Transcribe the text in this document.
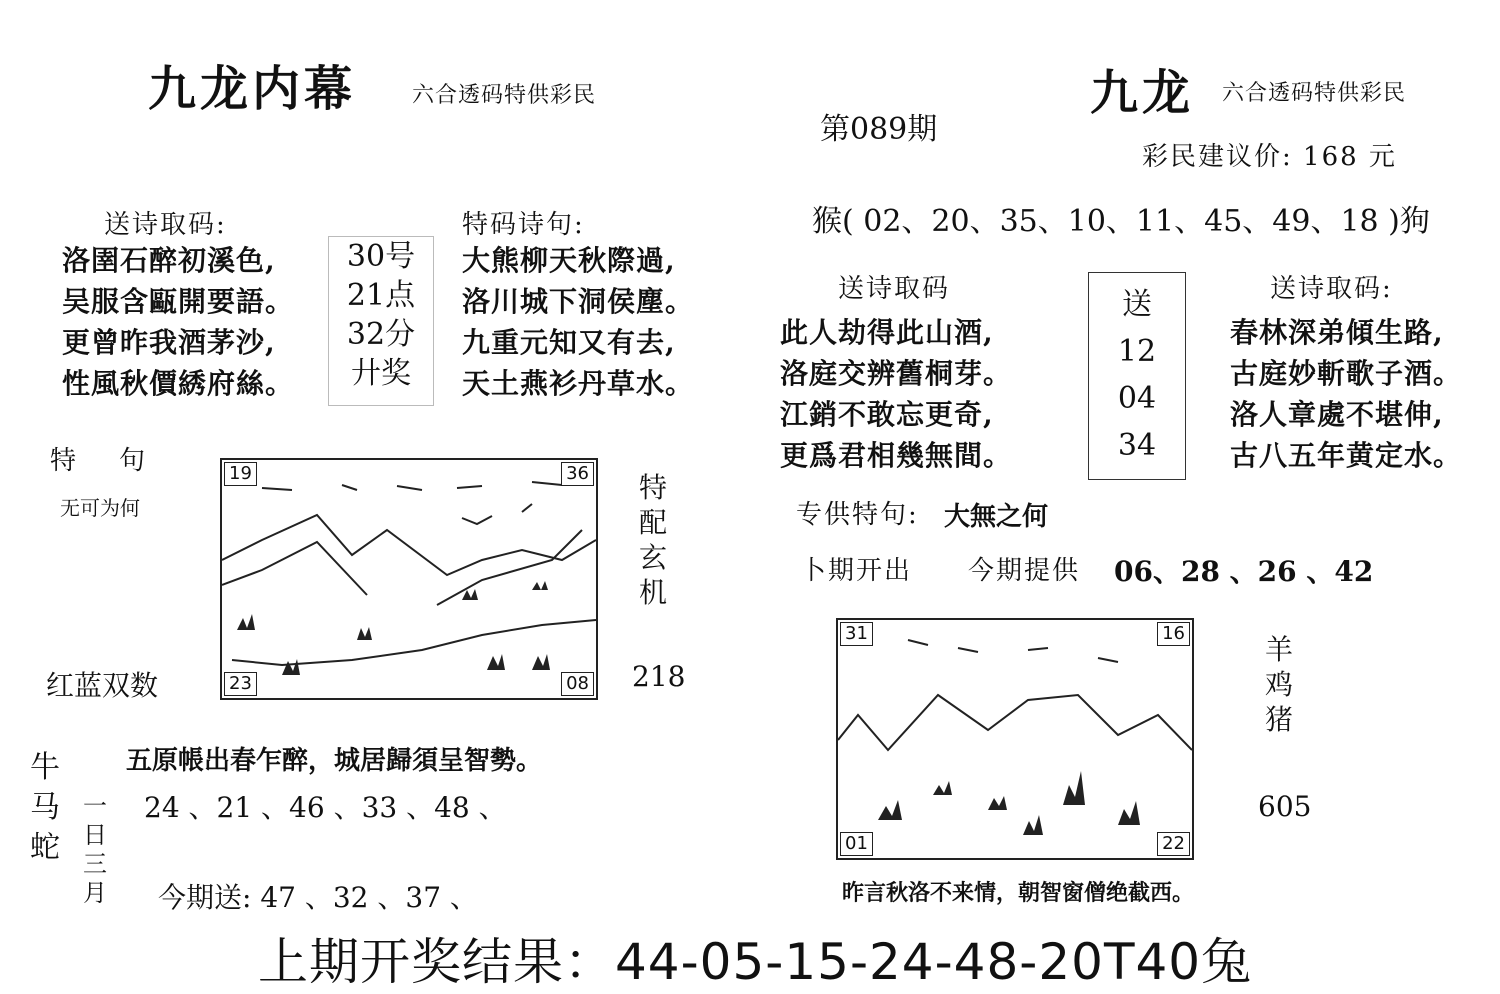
九龙内幕	六合透码特供彩民
送诗取码:
洛圉石醉初溪色,
吴服含甌開要語。
更曾昨我酒茅沙,
性風秋價綉府絲。
30号
21点
32分
廾奖
特码诗句:
大熊柳天秋際過,
洛川城下洞侯塵。
九重元知又有去,
天土燕衫丹草水。
特    句
无可为何
19	36
23	08
特
配
玄
机
218
红蓝双数
牛
马
蛇
五原帳出春乍醉，城居歸須呈智勢。
一
日
三
月
24 、21 、46 、33 、48 、
今期送: 47 、32 、37 、
九龙 六合透码特供彩民
第089期
彩民建议价: 168 元
猴( 02、20、35、10、11、45、49、18 )狗
送诗取码
此人劫得此山酒,
洛庭交辨舊桐芽。
江銷不敢忘更奇,
更爲君相幾無間。
送
12
04
34
送诗取码:
春林深弟傾生路,
古庭妙斬歌子酒。
洛人章處不堪伸,
古八五年黄定水。
专供特句: 大無之何
卜期开出 今期提供 06、28 、26 、42
31	16
01	22
羊
鸡
猪
605
昨言秋洛不来情，朝智窗僧绝截西。
上期开奖结果：44-05-15-24-48-20T40兔
